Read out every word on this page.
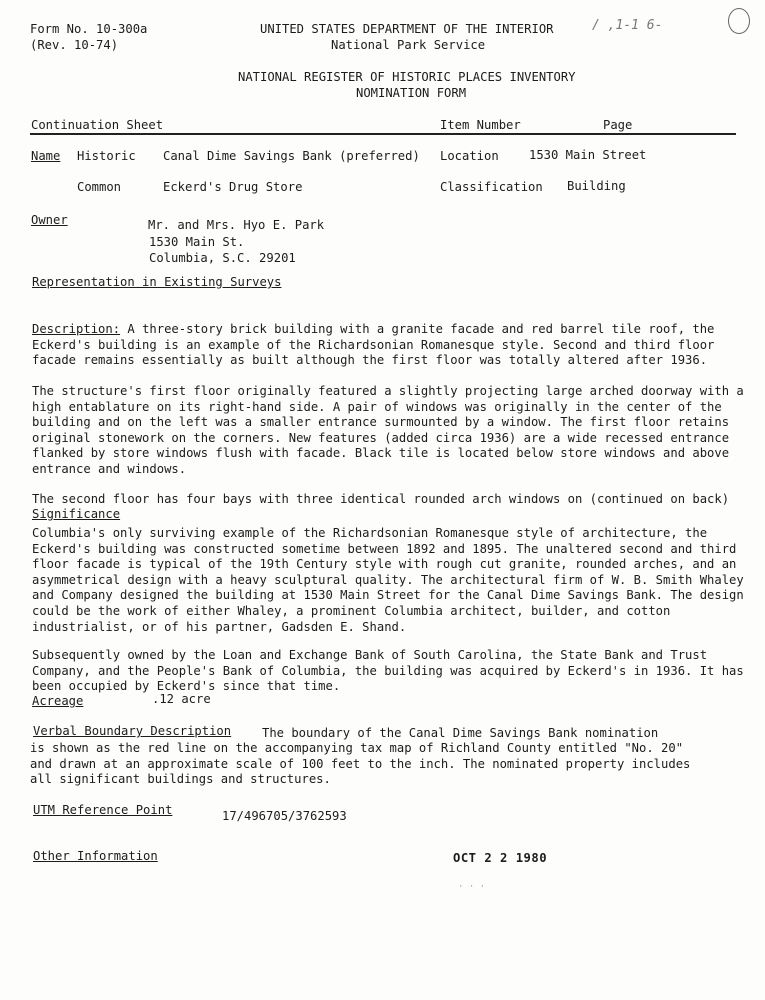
Form No. 10-300a
(Rev. 10-74)
UNITED STATES DEPARTMENT OF THE INTERIOR
National Park Service
NATIONAL REGISTER OF HISTORIC PLACES INVENTORY
NOMINATION FORM
/ ,1-1 6-
Continuation Sheet	Item Number	Page
Name Historic Canal Dime Savings Bank (preferred) Location 1530 Main Street
Common	Eckerd's Drug Store	Classification Building
Owner	Mr. and Mrs. Hyo E. Park
1530 Main St.
Columbia, S.C. 29201
Representation in Existing Surveys

Description: A three-story brick building with a granite facade and red barrel tile roof, the Eckerd's building is an example of the Richardsonian Romanesque style. Second and third floor facade remains essentially as built although the first floor was totally altered after 1936.

The structure's first floor originally featured a slightly projecting large arched doorway with a high entablature on its right-hand side. A pair of windows was originally in the center of the building and on the left was a smaller entrance surmounted by a window. The first floor retains original stonework on the corners. New features (added circa 1936) are a wide recessed entrance flanked by store windows flush with facade. Black tile is located below store windows and above entrance and windows.
The second floor has four bays with three identical rounded arch windows on (continued on back)
Significance
Columbia's only surviving example of the Richardsonian Romanesque style of architecture, the Eckerd's building was constructed sometime between 1892 and 1895. The unaltered second and third floor facade is typical of the 19th Century style with rough cut granite, rounded arches, and an asymmetrical design with a heavy sculptural quality. The architectural firm of W. B. Smith Whaley and Company designed the building at 1530 Main Street for the Canal Dime Savings Bank. The design could be the work of either Whaley, a prominent Columbia architect, builder, and cotton industrialist, or of his partner, Gadsden E. Shand.
Subsequently owned by the Loan and Exchange Bank of South Carolina, the State Bank and Trust Company, and the People's Bank of Columbia, the building was acquired by Eckerd's in 1936. It has been occupied by Eckerd's since that time.
Acreage	.12 acre
Verbal Boundary Description	The boundary of the Canal Dime Savings Bank nomination
is shown as the red line on the accompanying tax map of Richland County entitled "No. 20"
and drawn at an approximate scale of 100 feet to the inch. The nominated property includes
all significant buildings and structures.
UTM Reference Point	17/496705/3762593
Other Information	OCT 2 2 1980
· · ·
